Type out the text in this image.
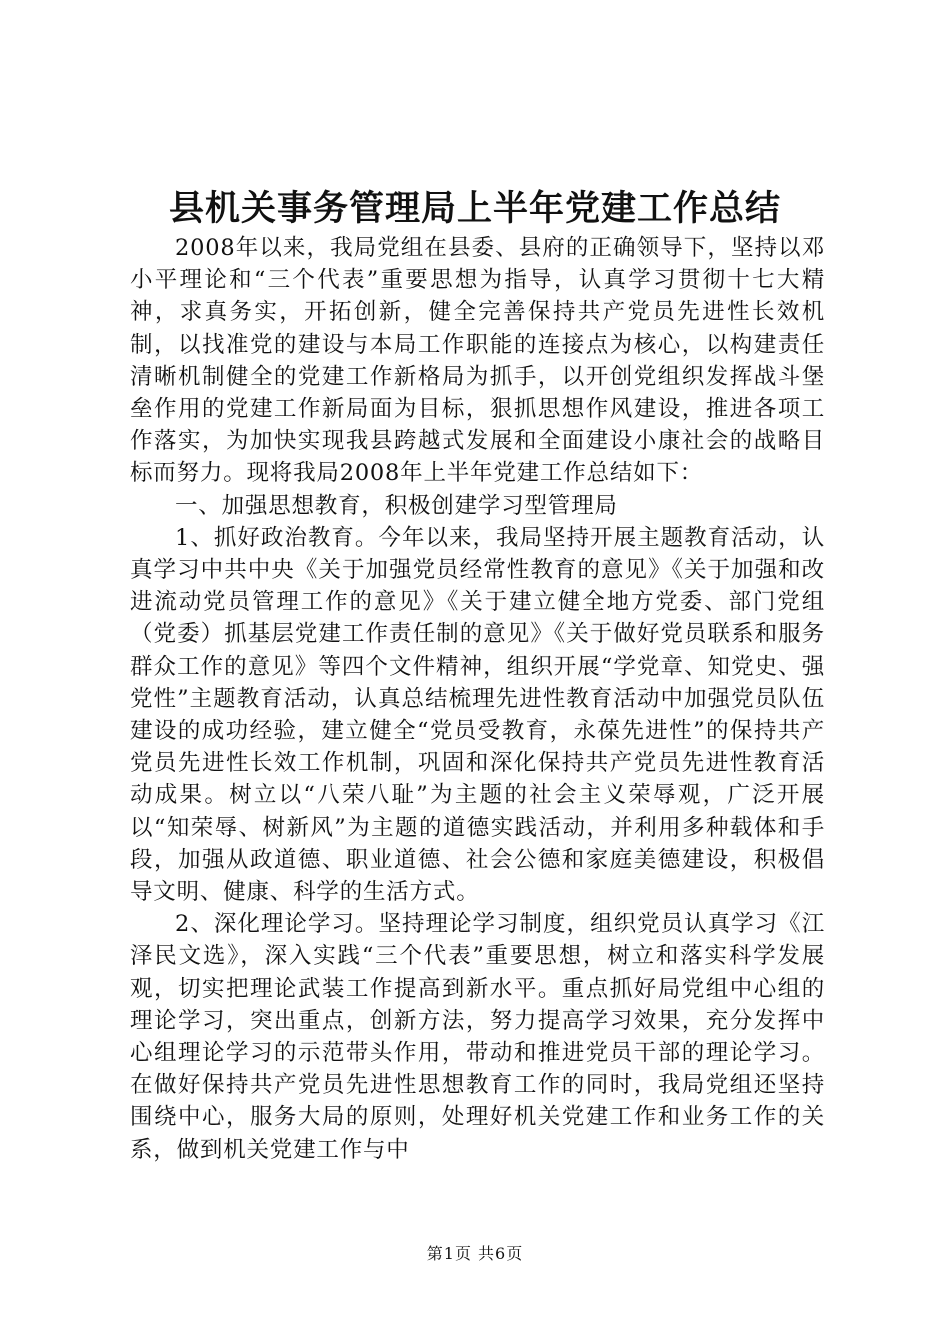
县机关事务管理局上半年党建工作总结

2008年以来，我局党组在县委、县府的正确领导下，坚持以邓小平理论和“三个代表”重要思想为指导，认真学习贯彻十七大精神，求真务实，开拓创新，健全完善保持共产党员先进性长效机制，以找准党的建设与本局工作职能的连接点为核心，以构建责任清晰机制健全的党建工作新格局为抓手，以开创党组织发挥战斗堡垒作用的党建工作新局面为目标，狠抓思想作风建设，推进各项工作落实，为加快实现我县跨越式发展和全面建设小康社会的战略目标而努力。现将我局2008年上半年党建工作总结如下：

一、加强思想教育，积极创建学习型管理局

1、抓好政治教育。今年以来，我局坚持开展主题教育活动，认真学习中共中央《关于加强党员经常性教育的意见》《关于加强和改进流动党员管理工作的意见》《关于建立健全地方党委、部门党组（党委）抓基层党建工作责任制的意见》《关于做好党员联系和服务群众工作的意见》等四个文件精神，组织开展“学党章、知党史、强党性”主题教育活动，认真总结梳理先进性教育活动中加强党员队伍建设的成功经验，建立健全“党员受教育，永葆先进性”的保持共产党员先进性长效工作机制，巩固和深化保持共产党员先进性教育活动成果。树立以“八荣八耻”为主题的社会主义荣辱观，广泛开展以“知荣辱、树新风”为主题的道德实践活动，并利用多种载体和手段，加强从政道德、职业道德、社会公德和家庭美德建设，积极倡导文明、健康、科学的生活方式。

2、深化理论学习。坚持理论学习制度，组织党员认真学习《江泽民文选》，深入实践“三个代表”重要思想，树立和落实科学发展观，切实把理论武装工作提高到新水平。重点抓好局党组中心组的理论学习，突出重点，创新方法，努力提高学习效果，充分发挥中心组理论学习的示范带头作用，带动和推进党员干部的理论学习。在做好保持共产党员先进性思想教育工作的同时，我局党组还坚持围绕中心，服务大局的原则，处理好机关党建工作和业务工作的关系，做到机关党建工作与中

第1页 共6页
